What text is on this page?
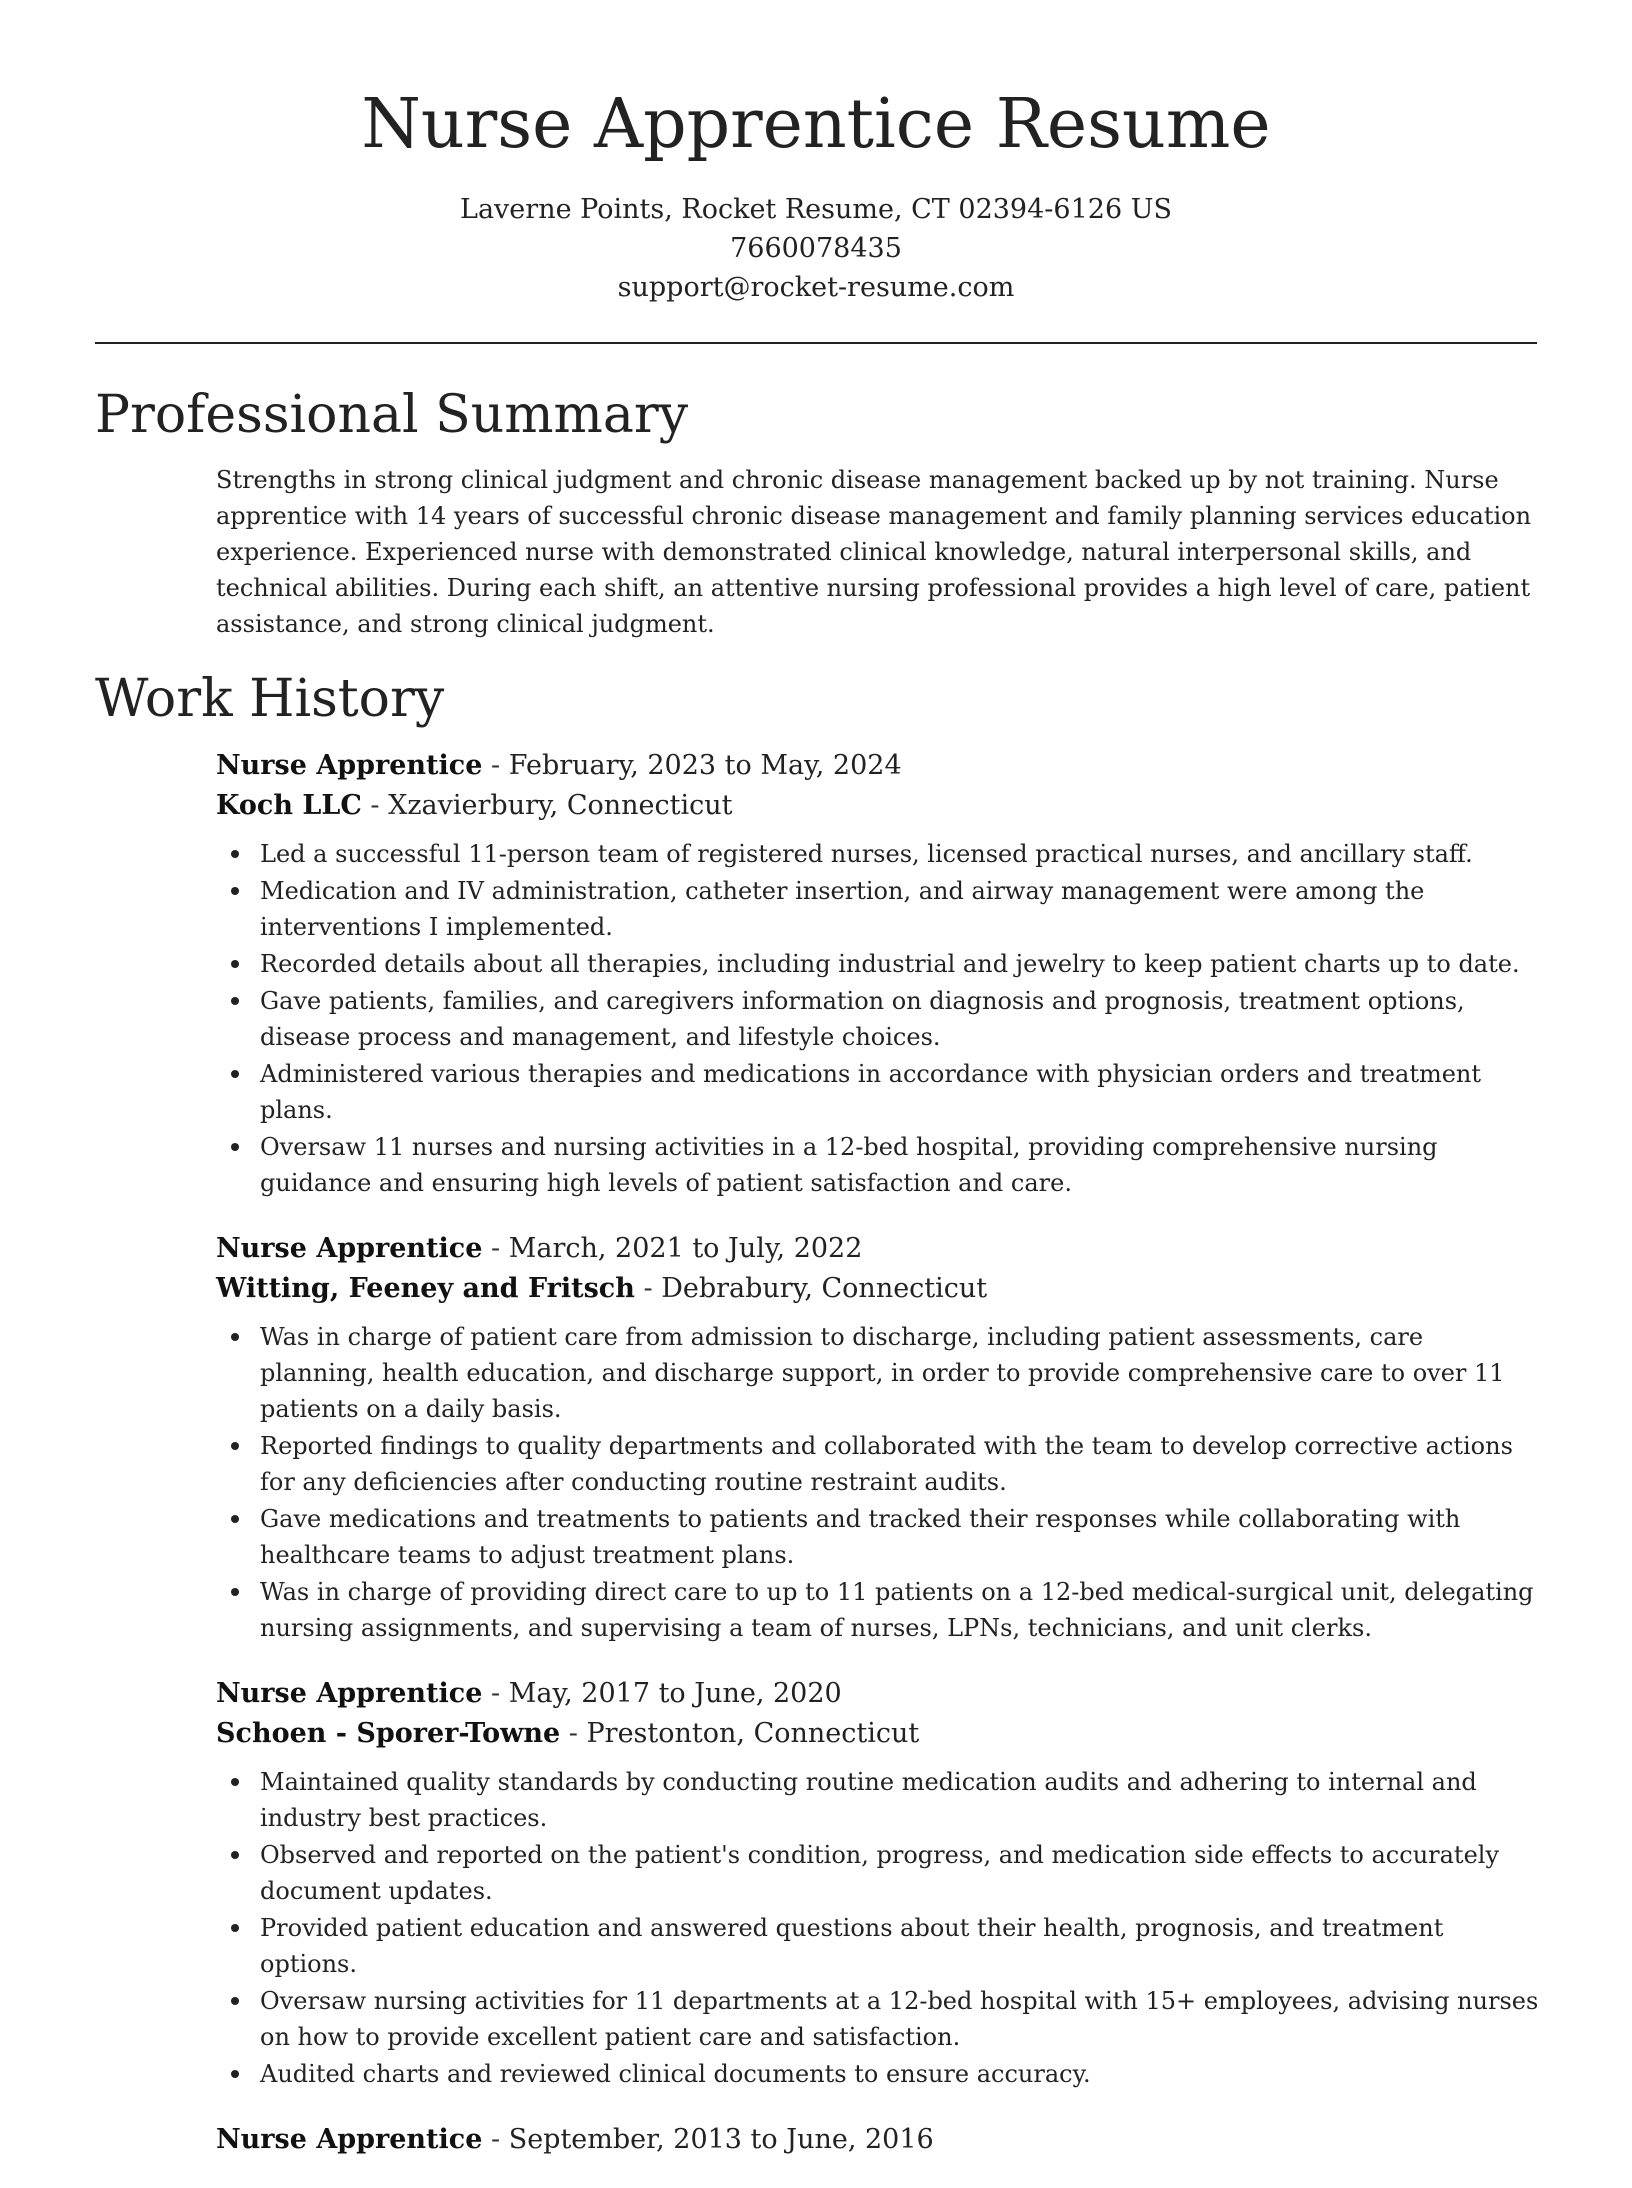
Nurse Apprentice Resume
Laverne Points, Rocket Resume, CT 02394-6126 US
7660078435
support@rocket-resume.com
Professional Summary

Strengths in strong clinical judgment and chronic disease management backed up by not training. Nurse apprentice with 14 years of successful chronic disease management and family planning services education experience. Experienced nurse with demonstrated clinical knowledge, natural interpersonal skills, and technical abilities. During each shift, an attentive nursing professional provides a high level of care, patient assistance, and strong clinical judgment.

Work History
Nurse Apprentice - February, 2023 to May, 2024
Koch LLC - Xzavierbury, Connecticut
Led a successful 11-person team of registered nurses, licensed practical nurses, and ancillary staff.
Medication and IV administration, catheter insertion, and airway management were among the interventions I implemented.
Recorded details about all therapies, including industrial and jewelry to keep patient charts up to date.
Gave patients, families, and caregivers information on diagnosis and prognosis, treatment options, disease process and management, and lifestyle choices.
Administered various therapies and medications in accordance with physician orders and treatment plans.
Oversaw 11 nurses and nursing activities in a 12-bed hospital, providing comprehensive nursing guidance and ensuring high levels of patient satisfaction and care.
Nurse Apprentice - March, 2021 to July, 2022
Witting, Feeney and Fritsch - Debrabury, Connecticut
Was in charge of patient care from admission to discharge, including patient assessments, care planning, health education, and discharge support, in order to provide comprehensive care to over 11 patients on a daily basis.
Reported findings to quality departments and collaborated with the team to develop corrective actions for any deficiencies after conducting routine restraint audits.
Gave medications and treatments to patients and tracked their responses while collaborating with healthcare teams to adjust treatment plans.
Was in charge of providing direct care to up to 11 patients on a 12-bed medical-surgical unit, delegating nursing assignments, and supervising a team of nurses, LPNs, technicians, and unit clerks.
Nurse Apprentice - May, 2017 to June, 2020
Schoen - Sporer-Towne - Prestonton, Connecticut
Maintained quality standards by conducting routine medication audits and adhering to internal and industry best practices.
Observed and reported on the patient's condition, progress, and medication side effects to accurately document updates.
Provided patient education and answered questions about their health, prognosis, and treatment options.
Oversaw nursing activities for 11 departments at a 12-bed hospital with 15+ employees, advising nurses on how to provide excellent patient care and satisfaction.
Audited charts and reviewed clinical documents to ensure accuracy.
Nurse Apprentice - September, 2013 to June, 2016
